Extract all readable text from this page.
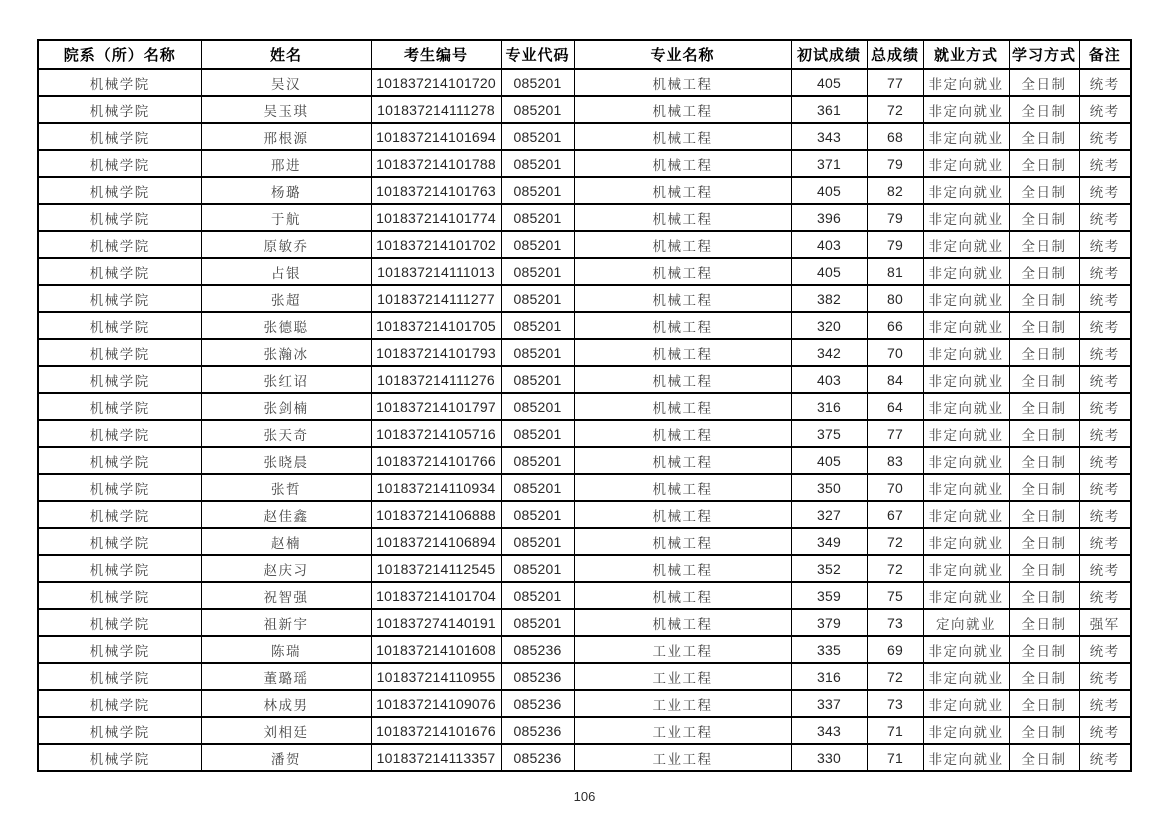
院系（所）名称	姓名	考生编号	专业代码	专业名称	初试成绩	总成绩	就业方式	学习方式	备注
机械学院	吴汉	101837214101720	085201	机械工程	405	77	非定向就业	全日制	统考
机械学院	吴玉琪	101837214111278	085201	机械工程	361	72	非定向就业	全日制	统考
机械学院	邢根源	101837214101694	085201	机械工程	343	68	非定向就业	全日制	统考
机械学院	邢进	101837214101788	085201	机械工程	371	79	非定向就业	全日制	统考
机械学院	杨璐	101837214101763	085201	机械工程	405	82	非定向就业	全日制	统考
机械学院	于航	101837214101774	085201	机械工程	396	79	非定向就业	全日制	统考
机械学院	原敏乔	101837214101702	085201	机械工程	403	79	非定向就业	全日制	统考
机械学院	占银	101837214111013	085201	机械工程	405	81	非定向就业	全日制	统考
机械学院	张超	101837214111277	085201	机械工程	382	80	非定向就业	全日制	统考
机械学院	张德聪	101837214101705	085201	机械工程	320	66	非定向就业	全日制	统考
机械学院	张瀚冰	101837214101793	085201	机械工程	342	70	非定向就业	全日制	统考
机械学院	张红诏	101837214111276	085201	机械工程	403	84	非定向就业	全日制	统考
机械学院	张剑楠	101837214101797	085201	机械工程	316	64	非定向就业	全日制	统考
机械学院	张天奇	101837214105716	085201	机械工程	375	77	非定向就业	全日制	统考
机械学院	张晓晨	101837214101766	085201	机械工程	405	83	非定向就业	全日制	统考
机械学院	张哲	101837214110934	085201	机械工程	350	70	非定向就业	全日制	统考
机械学院	赵佳鑫	101837214106888	085201	机械工程	327	67	非定向就业	全日制	统考
机械学院	赵楠	101837214106894	085201	机械工程	349	72	非定向就业	全日制	统考
机械学院	赵庆习	101837214112545	085201	机械工程	352	72	非定向就业	全日制	统考
机械学院	祝智强	101837214101704	085201	机械工程	359	75	非定向就业	全日制	统考
机械学院	祖新宇	101837274140191	085201	机械工程	379	73	定向就业	全日制	强军
机械学院	陈瑞	101837214101608	085236	工业工程	335	69	非定向就业	全日制	统考
机械学院	董璐瑶	101837214110955	085236	工业工程	316	72	非定向就业	全日制	统考
机械学院	林成男	101837214109076	085236	工业工程	337	73	非定向就业	全日制	统考
机械学院	刘相廷	101837214101676	085236	工业工程	343	71	非定向就业	全日制	统考
机械学院	潘贺	101837214113357	085236	工业工程	330	71	非定向就业	全日制	统考
106
